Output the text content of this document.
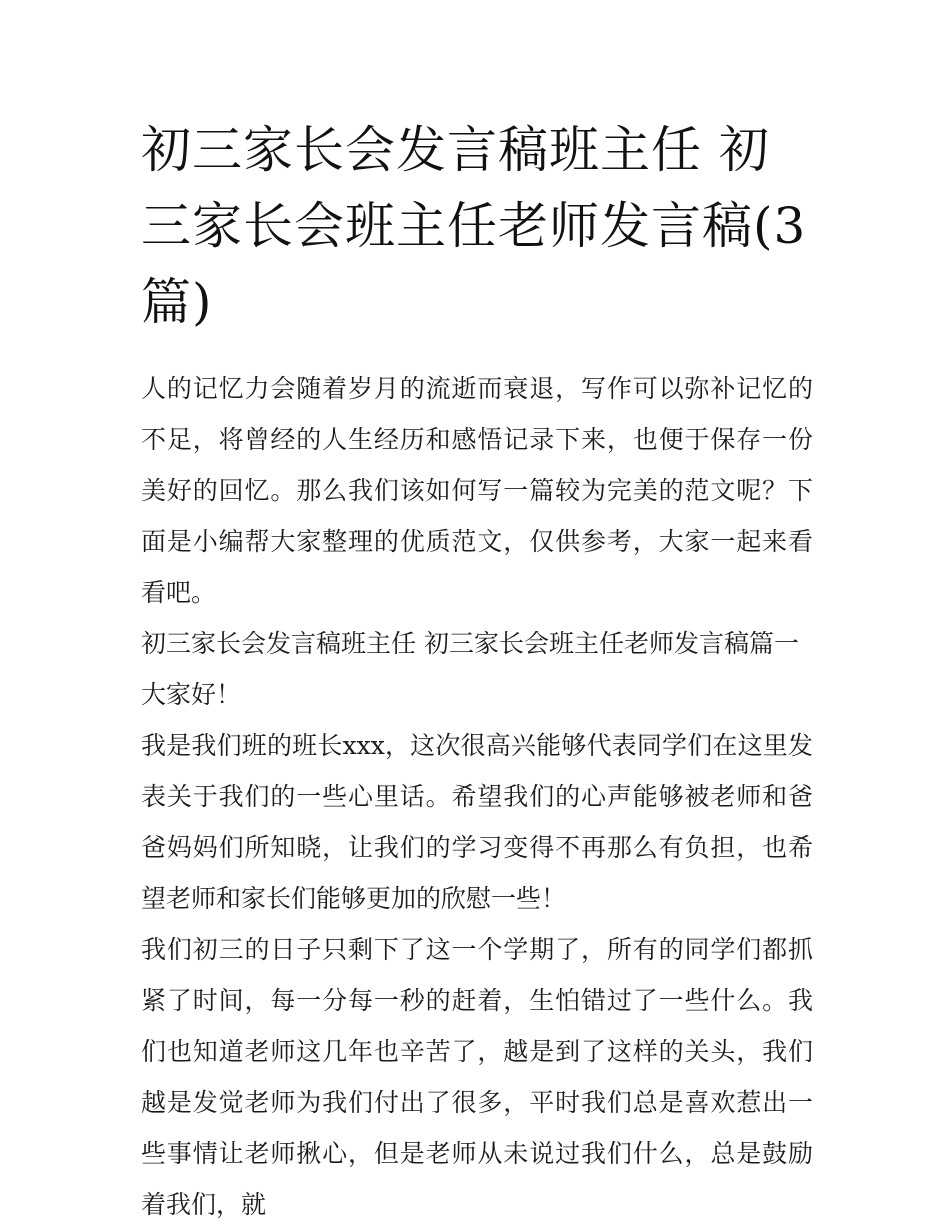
初三家长会发言稿班主任 初三家长会班主任老师发言稿(3篇)

人的记忆力会随着岁月的流逝而衰退，写作可以弥补记忆的不足，将曾经的人生经历和感悟记录下来，也便于保存一份美好的回忆。那么我们该如何写一篇较为完美的范文呢？下面是小编帮大家整理的优质范文，仅供参考，大家一起来看看吧。

初三家长会发言稿班主任 初三家长会班主任老师发言稿篇一

大家好！

我是我们班的班长xxx，这次很高兴能够代表同学们在这里发表关于我们的一些心里话。希望我们的心声能够被老师和爸爸妈妈们所知晓，让我们的学习变得不再那么有负担，也希望老师和家长们能够更加的欣慰一些！

我们初三的日子只剩下了这一个学期了，所有的同学们都抓紧了时间，每一分每一秒的赶着，生怕错过了一些什么。我们也知道老师这几年也辛苦了，越是到了这样的关头，我们越是发觉老师为我们付出了很多，平时我们总是喜欢惹出一些事情让老师揪心，但是老师从未说过我们什么，总是鼓励着我们，就
